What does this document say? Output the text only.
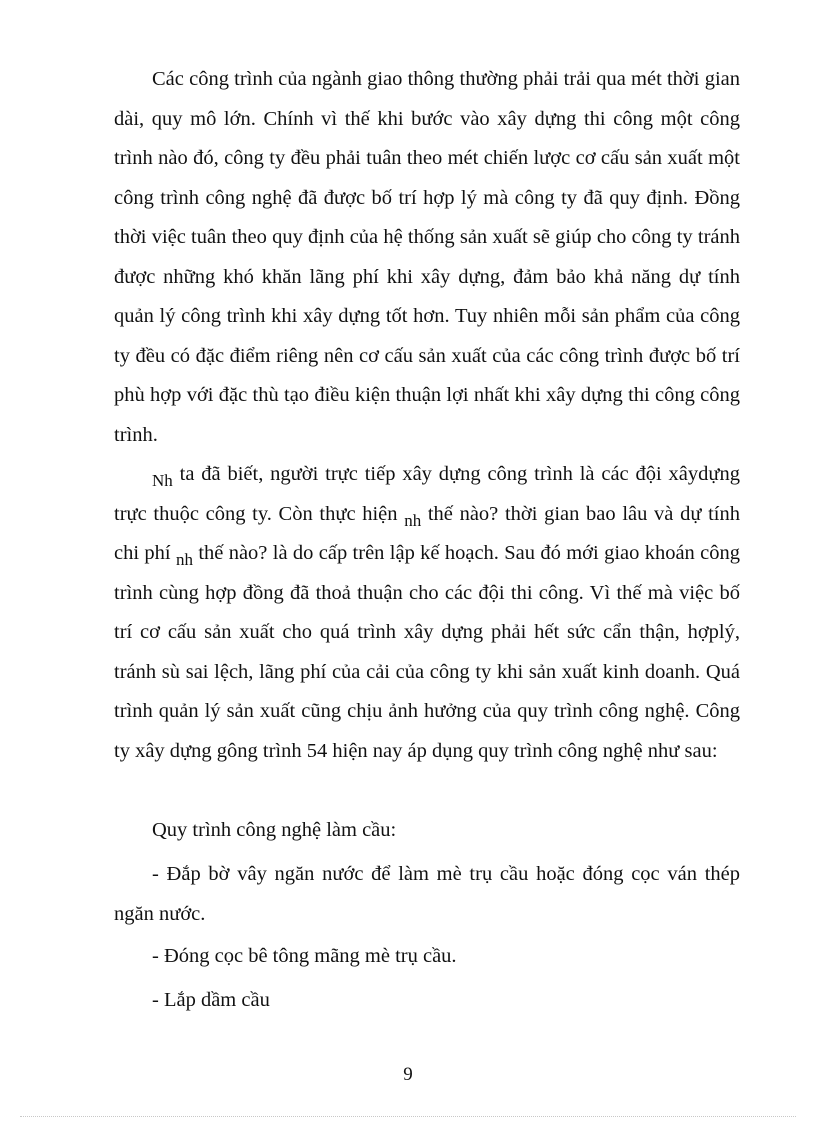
Các công trình của ngành giao thông thường phải trải qua mét thời gian dài, quy mô lớn. Chính vì thế khi bước vào xây dựng thi công một công trình nào đó, công ty đều phải tuân theo mét chiến lược cơ cấu sản xuất một công trình công nghệ đã được bố trí hợp lý mà công ty đã quy định. Đồng thời việc tuân theo quy định của hệ thống sản xuất sẽ giúp cho công ty tránh được những khó khăn lãng phí khi xây dựng, đảm bảo khả năng dự tính quản lý công trình khi xây dựng tốt hơn. Tuy nhiên mỗi sản phẩm của công ty đều có đặc điểm riêng nên cơ cấu sản xuất của các công trình được bố trí phù hợp với đặc thù tạo điều kiện thuận lợi nhất khi xây dựng thi công công trình.

$_{Nh}$ ta đã biết, người trực tiếp xây dựng công trình là các đội xâydựng trực thuộc công ty. Còn thực hiện $_{nh}$ thế nào? thời gian bao lâu và dự tính chi phí $_{nh}$ thế nào? là do cấp trên lập kế hoạch. Sau đó mới giao khoán công trình cùng hợp đồng đã thoả thuận cho các đội thi công. Vì thế mà việc bố trí cơ cấu sản xuất cho quá trình xây dựng phải hết sức cẩn thận, hợplý, tránh sù sai lệch, lãng phí của cải của công ty khi sản xuất kinh doanh. Quá trình quản lý sản xuất cũng chịu ảnh hưởng của quy trình công nghệ. Công ty xây dựng gông trình 54 hiện nay áp dụng quy trình công nghệ như sau:

Quy trình công nghệ làm cầu:

- Đắp bờ vây ngăn nước để làm mè trụ cầu hoặc đóng cọc ván thép ngăn nước.

- Đóng cọc bê tông mãng mè trụ cầu.

- Lắp dầm cầu

9
